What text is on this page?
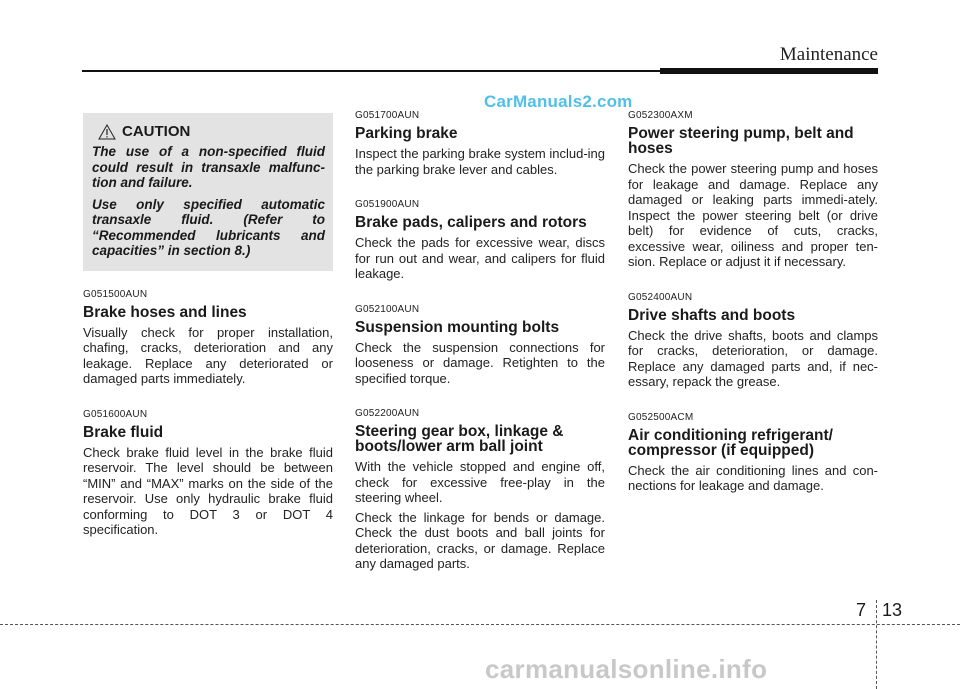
Maintenance
CarManuals2.com
CAUTION

The use of a non-specified fluid could result in transaxle malfunc-tion and failure.

Use only specified automatic transaxle fluid. (Refer to “Recommended lubricants and capacities” in section 8.)

G051500AUN

Brake hoses and lines

Visually check for proper installation, chafing, cracks, deterioration and any leakage. Replace any deteriorated or damaged parts immediately.

G051600AUN

Brake fluid

Check brake fluid level in the brake fluid reservoir. The level should be between “MIN” and “MAX” marks on the side of the reservoir. Use only hydraulic brake fluid conforming to DOT 3 or DOT 4 specification.

G051700AUN

Parking brake

Inspect the parking brake system includ-ing the parking brake lever and cables.

G051900AUN

Brake pads, calipers and rotors

Check the pads for excessive wear, discs for run out and wear, and calipers for fluid leakage.

G052100AUN

Suspension mounting bolts

Check the suspension connections for looseness or damage. Retighten to the specified torque.

G052200AUN

Steering gear box, linkage & boots/lower arm ball joint

With the vehicle stopped and engine off, check for excessive free-play in the steering wheel.

Check the linkage for bends or damage. Check the dust boots and ball joints for deterioration, cracks, or damage. Replace any damaged parts.

G052300AXM

Power steering pump, belt and hoses

Check the power steering pump and hoses for leakage and damage. Replace any damaged or leaking parts immedi-ately. Inspect the power steering belt (or drive belt) for evidence of cuts, cracks, excessive wear, oiliness and proper ten-sion. Replace or adjust it if necessary.

G052400AUN

Drive shafts and boots

Check the drive shafts, boots and clamps for cracks, deterioration, or damage. Replace any damaged parts and, if nec-essary, repack the grease.

G052500ACM

Air conditioning refrigerant/ compressor (if equipped)

Check the air conditioning lines and con-nections for leakage and damage.

7 13
carmanualsonline.info
